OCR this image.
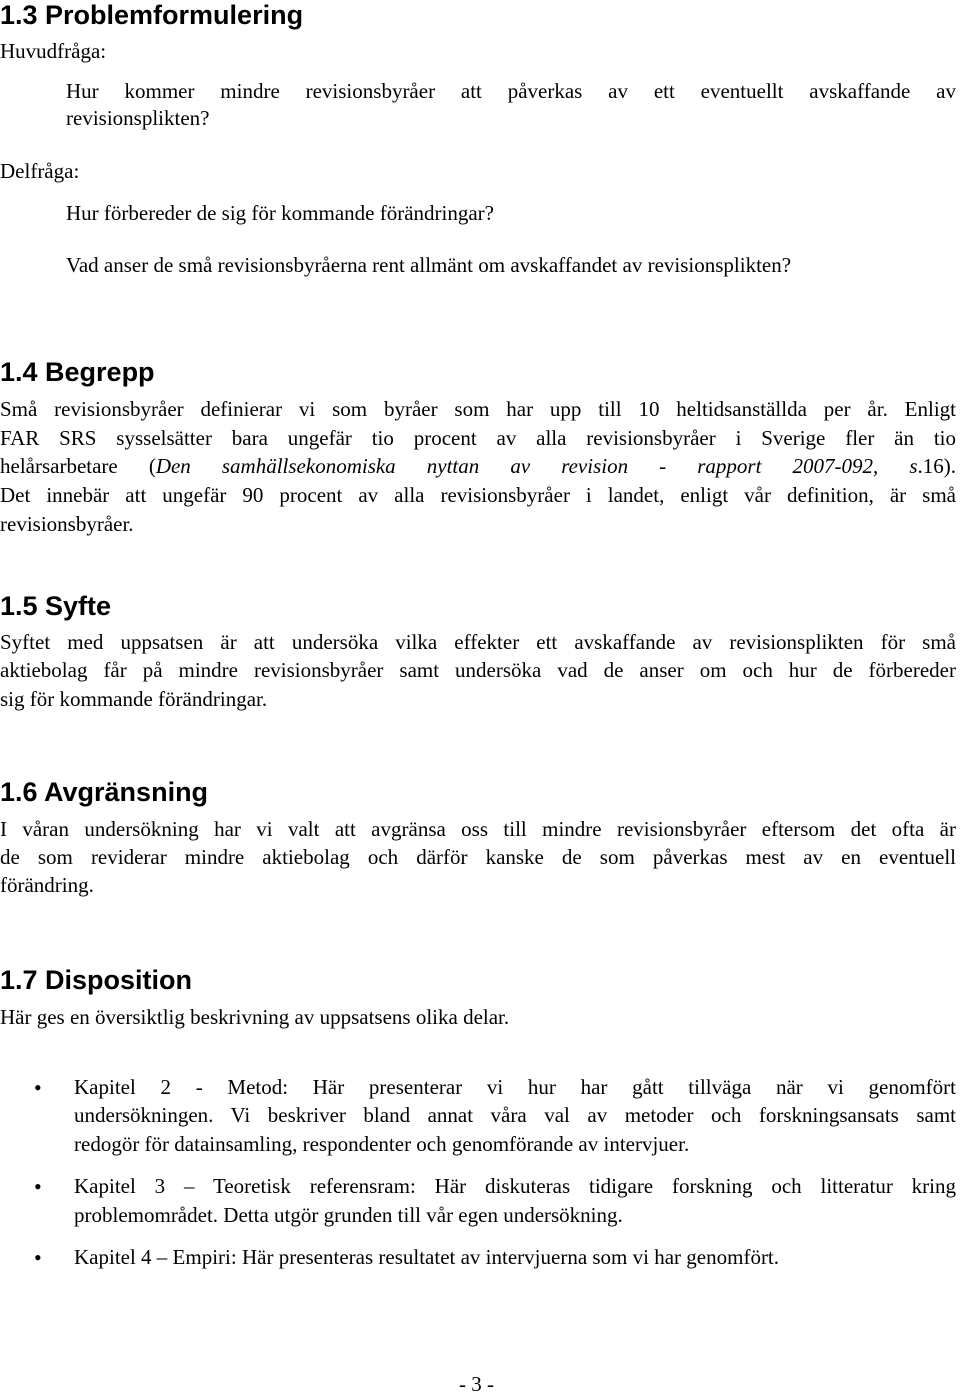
1.3 Problemformulering
Huvudfråga:
Hur kommer mindre revisionsbyråer att påverkas av ett eventuellt avskaffande av
revisionsplikten?
Delfråga:
Hur förbereder de sig för kommande förändringar?
Vad anser de små revisionsbyråerna rent allmänt om avskaffandet av revisionsplikten?
1.4 Begrepp
Små revisionsbyråer definierar vi som byråer som har upp till 10 heltidsanställda per år. Enligt
FAR SRS sysselsätter bara ungefär tio procent av alla revisionsbyråer i Sverige fler än tio
helårsarbetare (Den samhällsekonomiska nyttan av revision - rapport 2007-092, s.16).
Det innebär att ungefär 90 procent av alla revisionsbyråer i landet, enligt vår definition, är små
revisionsbyråer.
1.5 Syfte
Syftet med uppsatsen är att undersöka vilka effekter ett avskaffande av revisionsplikten för små
aktiebolag får på mindre revisionsbyråer samt undersöka vad de anser om och hur de förbereder
sig för kommande förändringar.
1.6 Avgränsning
I våran undersökning har vi valt att avgränsa oss till mindre revisionsbyråer eftersom det ofta är
de som reviderar mindre aktiebolag och därför kanske de som påverkas mest av en eventuell
förändring.
1.7 Disposition
Här ges en översiktlig beskrivning av uppsatsens olika delar.
• Kapitel 2 - Metod: Här presenterar vi hur har gått tillväga när vi genomfört
undersökningen. Vi beskriver bland annat våra val av metoder och forskningsansats samt
redogör för datainsamling, respondenter och genomförande av intervjuer.
• Kapitel 3 – Teoretisk referensram: Här diskuteras tidigare forskning och litteratur kring
problemområdet. Detta utgör grunden till vår egen undersökning.
• Kapitel 4 – Empiri: Här presenteras resultatet av intervjuerna som vi har genomfört.
- 3 -
